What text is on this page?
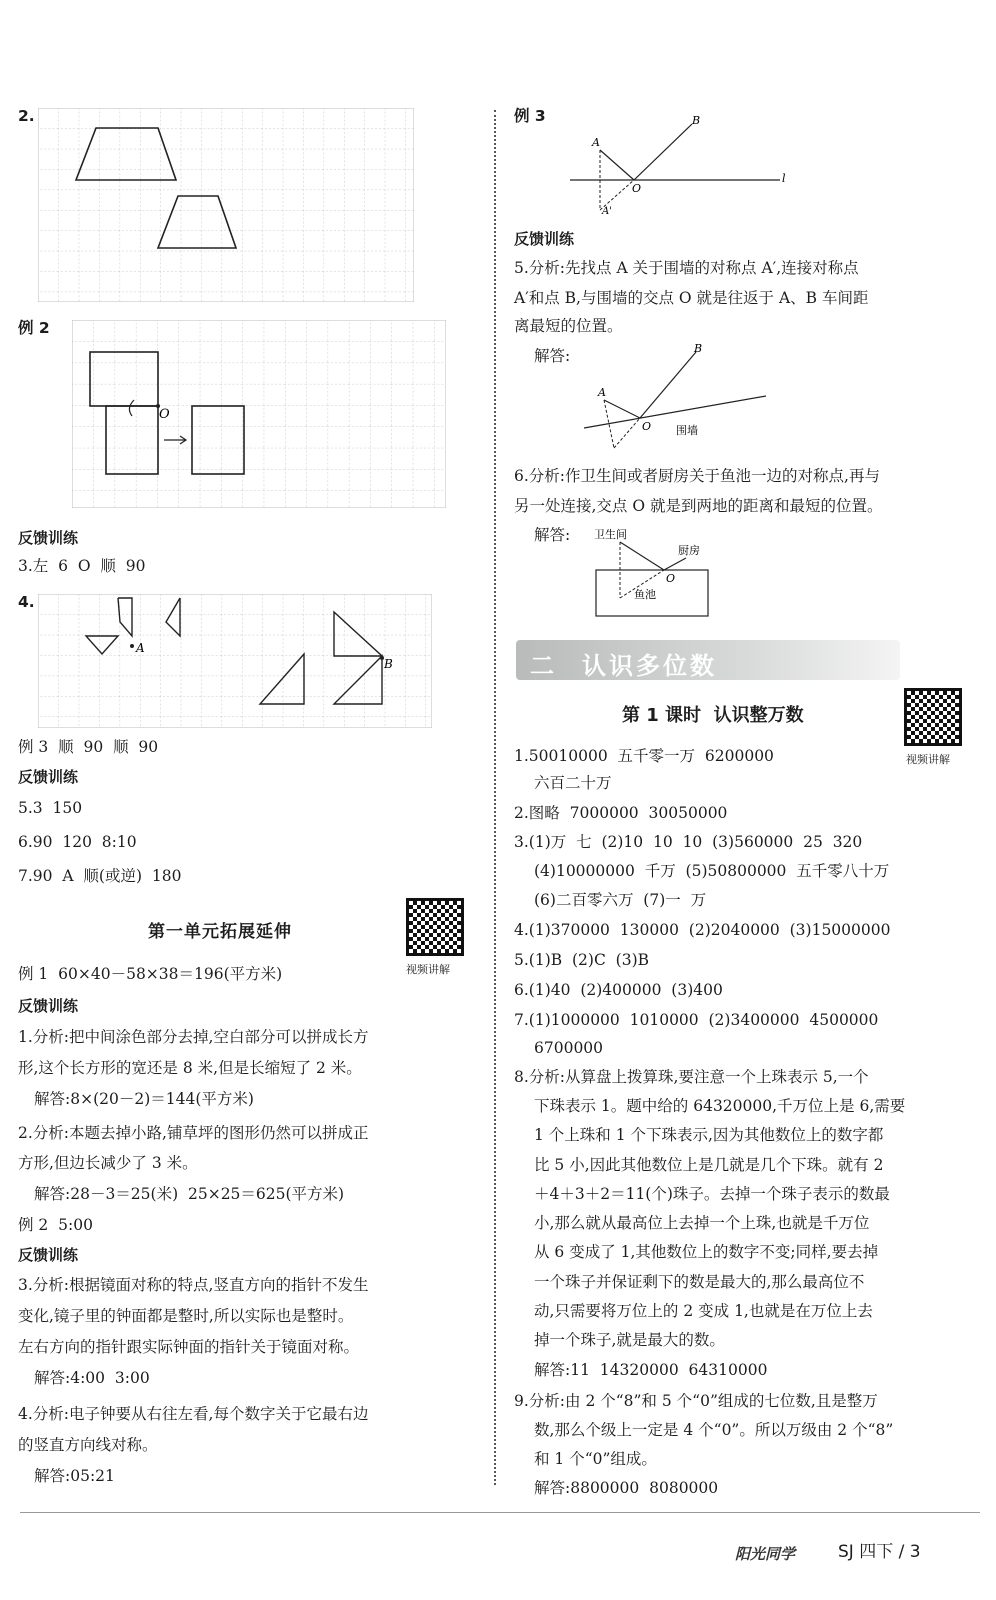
2.
例 2
O
反馈训练
3.左  6  O  顺  90
4.
A
B
例 3  顺  90  顺  90
反馈训练
5.3  150
6.90  120  8:10
7.90  A  顺(或逆)  180
第一单元拓展延伸
视频讲解
例 1  60×40－58×38＝196(平方米)
反馈训练
1.分析:把中间涂色部分去掉,空白部分可以拼成长方
形,这个长方形的宽还是 8 米,但是长缩短了 2 米。
解答:8×(20－2)＝144(平方米)
2.分析:本题去掉小路,铺草坪的图形仍然可以拼成正
方形,但边长减少了 3 米。
解答:28－3＝25(米)  25×25＝625(平方米)
例 2  5:00
反馈训练
3.分析:根据镜面对称的特点,竖直方向的指针不发生
变化,镜子里的钟面都是整时,所以实际也是整时。
左右方向的指针跟实际钟面的指针关于镜面对称。
解答:4:00  3:00
4.分析:电子钟要从右往左看,每个数字关于它最右边
的竖直方向线对称。
解答:05:21
例 3
A
B
O
A'
l
反馈训练
5.分析:先找点 A 关于围墙的对称点 A′,连接对称点
A′和点 B,与围墙的交点 O 就是往返于 A、B 车间距
离最短的位置。
解答:
A
B
O 围墙
6.分析:作卫生间或者厨房关于鱼池一边的对称点,再与
另一处连接,交点 O 就是到两地的距离和最短的位置。
解答: 卫生间
厨房
O
鱼池
二 认识多位数
第 1 课时  认识整万数
视频讲解
1.50010000  五千零一万  6200000
六百二十万
2.图略  7000000  30050000
3.(1)万  七  (2)10  10  10  (3)560000  25  320
(4)10000000  千万  (5)50800000  五千零八十万
(6)二百零六万  (7)一  万
4.(1)370000  130000  (2)2040000  (3)15000000
5.(1)B  (2)C  (3)B
6.(1)40  (2)400000  (3)400
7.(1)1000000  1010000  (2)3400000  4500000
6700000
8.分析:从算盘上拨算珠,要注意一个上珠表示 5,一个
下珠表示 1。题中给的 64320000,千万位上是 6,需要
1 个上珠和 1 个下珠表示,因为其他数位上的数字都
比 5 小,因此其他数位上是几就是几个下珠。就有 2
＋4＋3＋2＝11(个)珠子。去掉一个珠子表示的数最
小,那么就从最高位上去掉一个上珠,也就是千万位
从 6 变成了 1,其他数位上的数字不变;同样,要去掉
一个珠子并保证剩下的数是最大的,那么最高位不
动,只需要将万位上的 2 变成 1,也就是在万位上去
掉一个珠子,就是最大的数。
解答:11  14320000  64310000
9.分析:由 2 个“8”和 5 个“0”组成的七位数,且是整万
数,那么个级上一定是 4 个“0”。所以万级由 2 个“8”
和 1 个“0”组成。
解答:8800000  8080000
阳光同学	SJ 四下 / 3
